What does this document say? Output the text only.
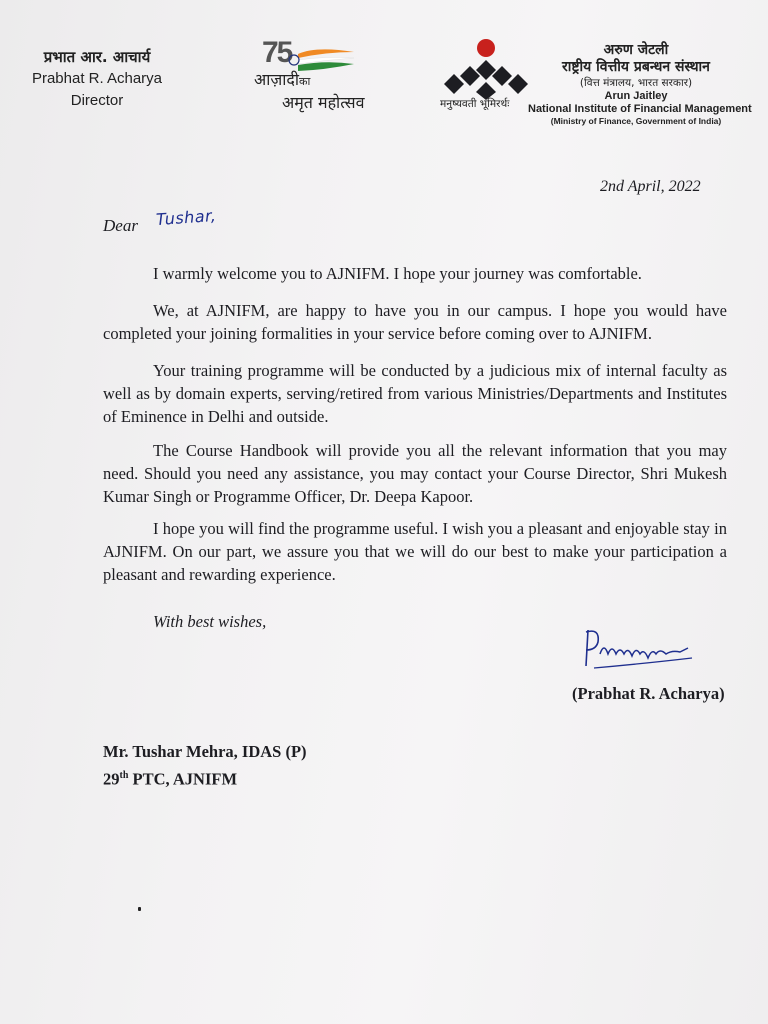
प्रभात आर. आचार्य
Prabhat R. Acharya
Director
75
आज़ादीका
अमृत महोत्सव	मनुष्यवती भूमिरर्थः
अरुण जेटली
राष्ट्रीय वित्तीय प्रबन्धन संस्थान
(वित्त मंत्रालय, भारत सरकार)
Arun Jaitley
National Institute of Financial Management
(Ministry of Finance, Government of India)
2nd April, 2022
Dear Tushar,
I warmly welcome you to AJNIFM. I hope your journey was comfortable.
We, at AJNIFM, are happy to have you in our campus. I hope you would have completed your joining formalities in your service before coming over to AJNIFM.
Your training programme will be conducted by a judicious mix of internal faculty as well as by domain experts, serving/retired from various Ministries/Departments and Institutes of Eminence in Delhi and outside.
The Course Handbook will provide you all the relevant information that you may need. Should you need any assistance, you may contact your Course Director, Shri Mukesh Kumar Singh or Programme Officer, Dr. Deepa Kapoor.
I hope you will find the programme useful. I wish you a pleasant and enjoyable stay in AJNIFM. On our part, we assure you that we will do our best to make your participation a pleasant and rewarding experience.
With best wishes,
(Prabhat R. Acharya)
Mr. Tushar Mehra, IDAS (P)
29th PTC, AJNIFM
